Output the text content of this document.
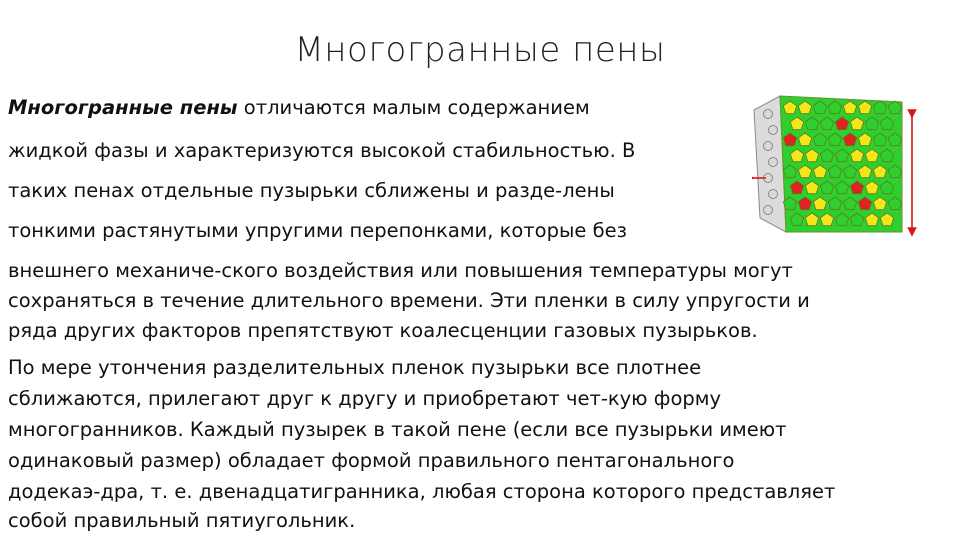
Многогранные пены
Многогранные пены отличаются малым содержанием
жидкой фазы и характеризуются высокой стабильностью. В
таких пенах отдельные пузырьки сближены и разде-лены
тонкими растянутыми упругими перепонками, которые без
внешнего механиче-ского воздействия или повышения температуры могут
сохраняться в течение длительного времени. Эти пленки в силу упругости и
ряда других факторов препятствуют коалесценции газовых пузырьков.
По мере утончения разделительных пленок пузырьки все плотнее
сближаются, прилегают друг к другу и приобретают чет-кую форму
многогранников. Каждый пузырек в такой пене (если все пузырьки имеют
одинаковый размер) обладает формой правильного пентагонального
додекаэ-дра, т. е. двенадцатигранника, любая сторона которого представляет
собой правильный пятиугольник.
